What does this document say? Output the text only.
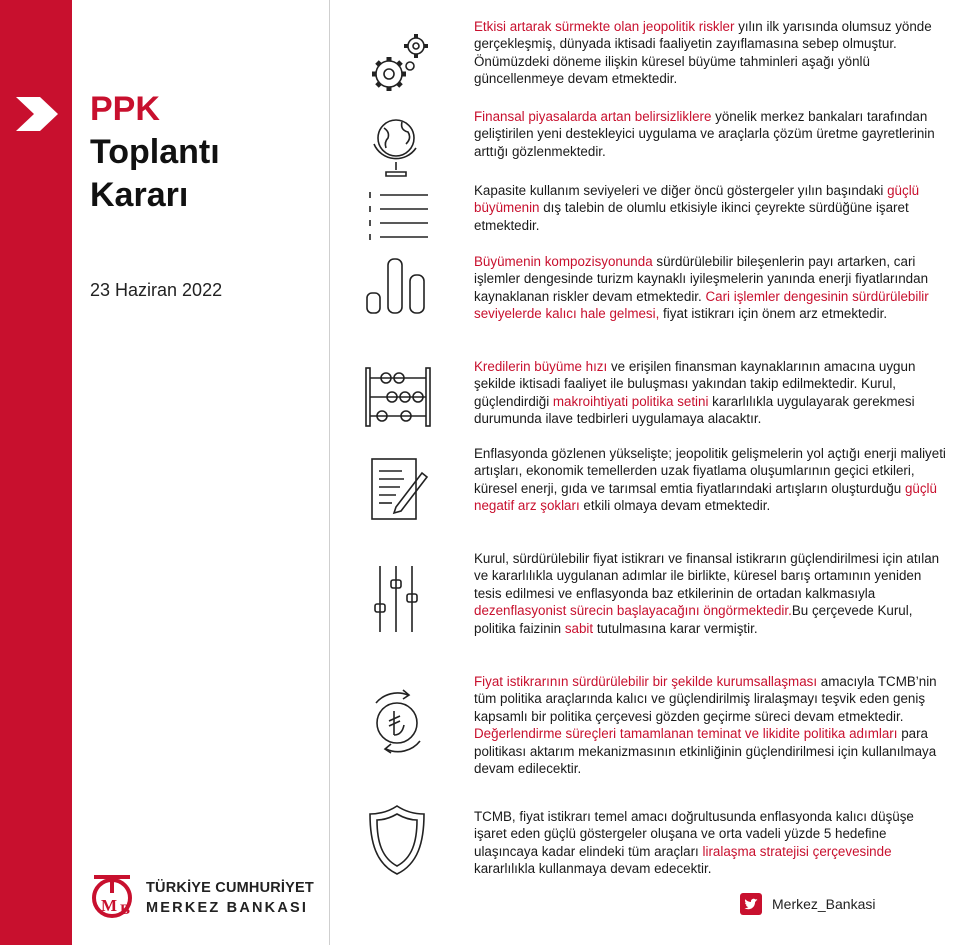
PPK
Toplantı
Kararı
23 Haziran 2022
M B
TÜRKİYE CUMHURİYET
MERKEZ BANKASI
Etkisi artarak sürmekte olan jeopolitik riskler yılın ilk yarısında olumsuz yönde gerçekleşmiş, dünyada iktisadi faaliyetin zayıflamasına sebep olmuştur. Önümüzdeki döneme ilişkin küresel büyüme tahminleri aşağı yönlü güncellenmeye devam etmektedir.
Finansal piyasalarda artan belirsizliklere yönelik merkez bankaları tarafından geliştirilen yeni destekleyici uygulama ve araçlarla çözüm üretme gayretlerinin arttığı gözlenmektedir.
Kapasite kullanım seviyeleri ve diğer öncü göstergeler yılın başındaki güçlü büyümenin dış talebin de olumlu etkisiyle ikinci çeyrekte sürdüğüne işaret etmektedir.
Büyümenin kompozisyonunda sürdürülebilir bileşenlerin payı artarken, cari işlemler dengesinde turizm kaynaklı iyileşmelerin yanında enerji fiyatlarından kaynaklanan riskler devam etmektedir. Cari işlemler dengesinin sürdürülebilir seviyelerde kalıcı hale gelmesi, fiyat istikrarı için önem arz etmektedir.
Kredilerin büyüme hızı ve erişilen finansman kaynaklarının amacına uygun şekilde iktisadi faaliyet ile buluşması yakından takip edilmektedir. Kurul, güçlendirdiği makroihtiyati politika setini kararlılıkla uygulayarak gerekmesi durumunda ilave tedbirleri uygulamaya alacaktır.
Enflasyonda gözlenen yükselişte; jeopolitik gelişmelerin yol açtığı enerji maliyeti artışları, ekonomik temellerden uzak fiyatlama oluşumlarının geçici etkileri, küresel enerji, gıda ve tarımsal emtia fiyatlarındaki artışların oluşturduğu güçlü negatif arz şokları etkili olmaya devam etmektedir.
Kurul, sürdürülebilir fiyat istikrarı ve finansal istikrarın güçlendirilmesi için atılan ve kararlılıkla uygulanan adımlar ile birlikte, küresel barış ortamının yeniden tesis edilmesi ve enflasyonda baz etkilerinin de ortadan kalkmasıyla dezenflasyonist sürecin başlayacağını öngörmektedir.Bu çerçevede Kurul, politika faizinin sabit tutulmasına karar vermiştir.
Fiyat istikrarının sürdürülebilir bir şekilde kurumsallaşması amacıyla TCMB’nin tüm politika araçlarında kalıcı ve güçlendirilmiş liralaşmayı teşvik eden geniş kapsamlı bir politika çerçevesi gözden geçirme süreci devam etmektedir. Değerlendirme süreçleri tamamlanan teminat ve likidite politika adımları para politikası aktarım mekanizmasının etkinliğinin güçlendirilmesi için kullanılmaya devam edilecektir.
TCMB, fiyat istikrarı temel amacı doğrultusunda enflasyonda kalıcı düşüşe işaret eden güçlü göstergeler oluşana ve orta vadeli yüzde 5 hedefine ulaşıncaya kadar elindeki tüm araçları liralaşma stratejisi çerçevesinde kararlılıkla kullanmaya devam edecektir.
Merkez_Bankasi
